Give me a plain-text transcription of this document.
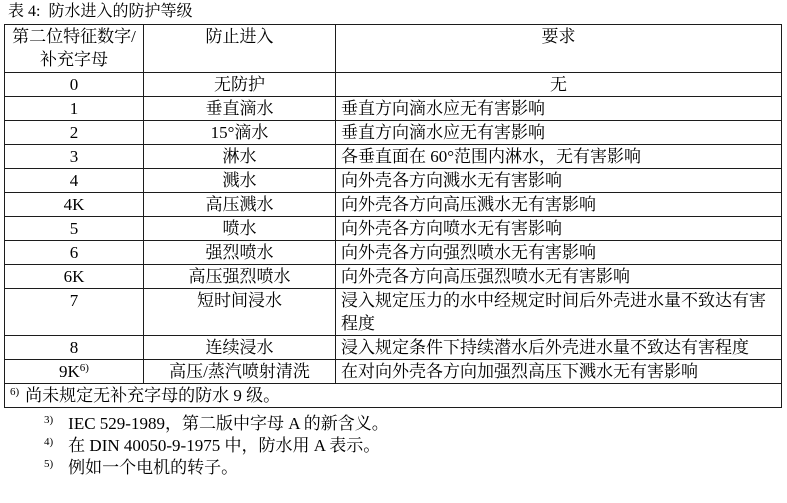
表 4:  防水进入的防护等级
第二位特征数字/补充字母	防止进入	要求
0	无防护	无
1	垂直滴水	垂直方向滴水应无有害影响
2	15°滴水	垂直方向滴水应无有害影响
3	淋水	各垂直面在 60°范围内淋水，无有害影响
4	溅水	向外壳各方向溅水无有害影响
4K	高压溅水	向外壳各方向高压溅水无有害影响
5	喷水	向外壳各方向喷水无有害影响
6	强烈喷水	向外壳各方向强烈喷水无有害影响
6K	高压强烈喷水	向外壳各方向高压强烈喷水无有害影响
7	短时间浸水	浸入规定压力的水中经规定时间后外壳进水量不致达有害程度
8	连续浸水	浸入规定条件下持续潜水后外壳进水量不致达有害程度
9K$^{6)}$	高压/蒸汽喷射清洗	在对向外壳各方向加强烈高压下溅水无有害影响
$^{6)}$ 尚未规定无补充字母的防水 9 级。		
$^{3)}$ IEC 529-1989，第二版中字母 A 的新含义。
$^{4)}$ 在 DIN 40050-9-1975 中，防水用 A 表示。
$^{5)}$ 例如一个电机的转子。
